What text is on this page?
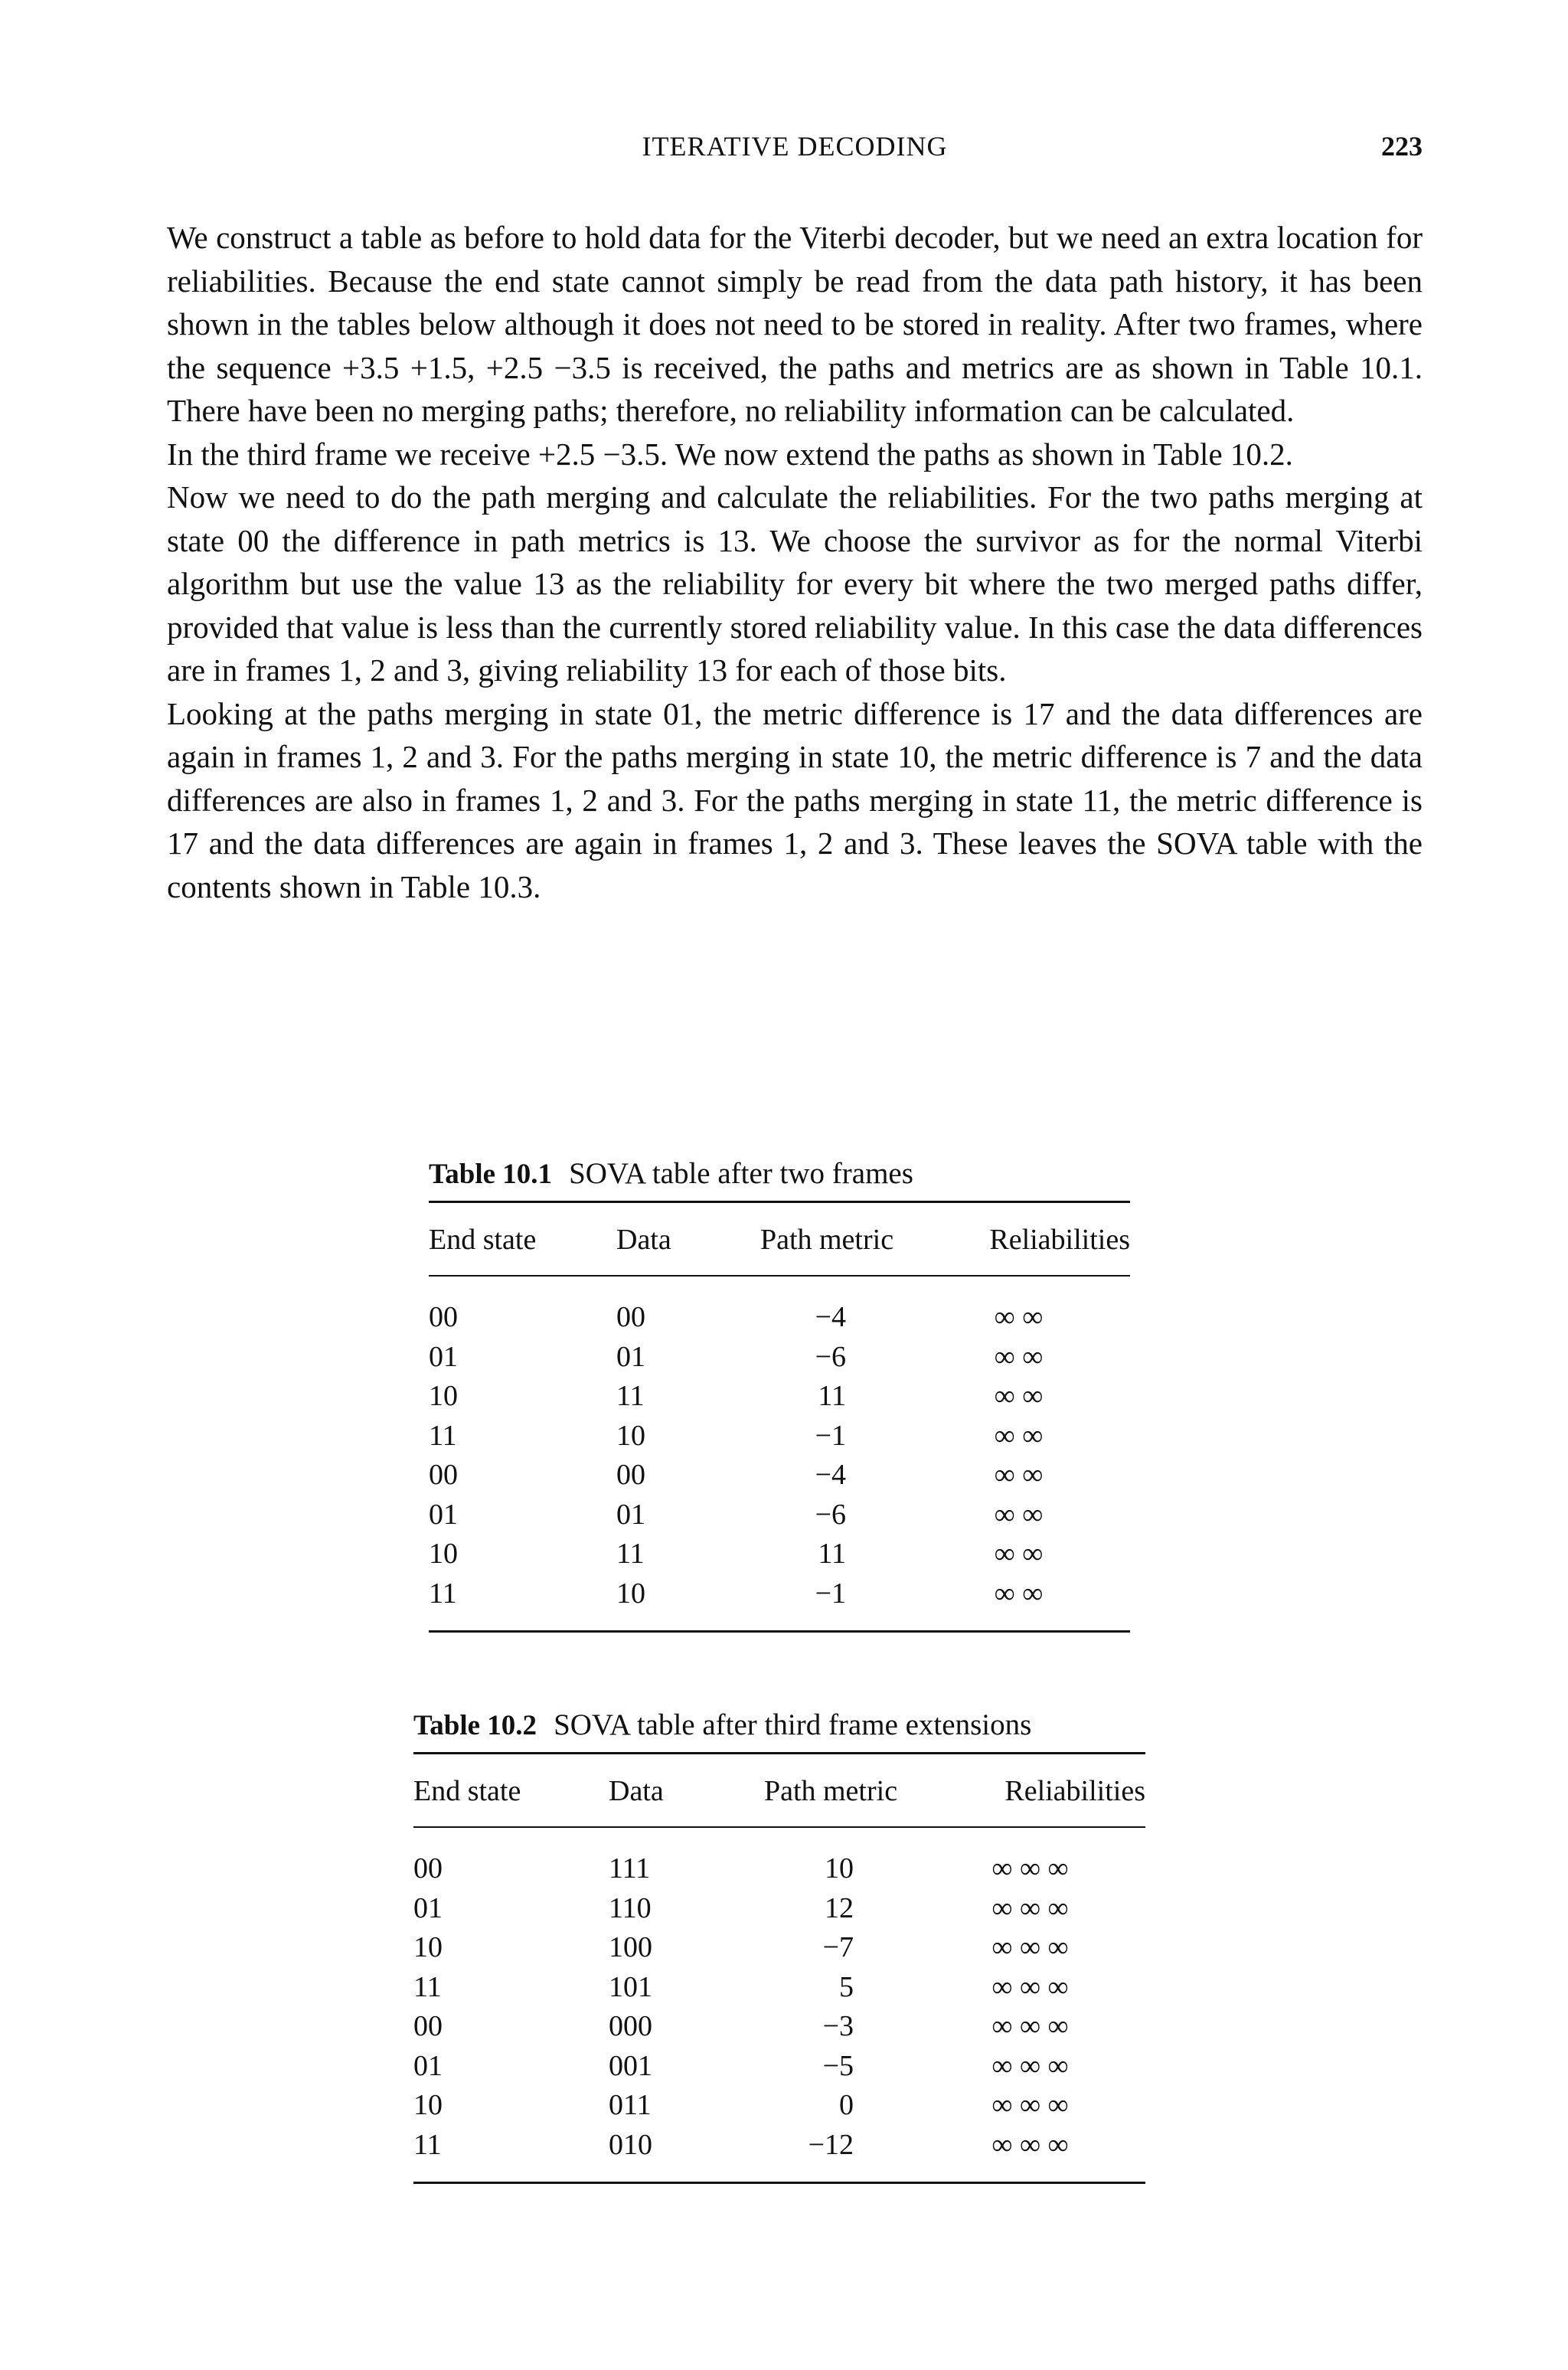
ITERATIVE DECODING	223

We construct a table as before to hold data for the Viterbi decoder, but we need an extra location for reliabilities. Because the end state cannot simply be read from the data path history, it has been shown in the tables below although it does not need to be stored in reality. After two frames, where the sequence +3.5 +1.5, +2.5 −3.5 is received, the paths and metrics are as shown in Table 10.1. There have been no merging paths; therefore, no reliability information can be calculated.

In the third frame we receive +2.5 −3.5. We now extend the paths as shown in Table 10.2.

Now we need to do the path merging and calculate the reliabilities. For the two paths merging at state 00 the difference in path metrics is 13. We choose the survivor as for the normal Viterbi algorithm but use the value 13 as the reliability for every bit where the two merged paths differ, provided that value is less than the currently stored reliability value. In this case the data differences are in frames 1, 2 and 3, giving reliability 13 for each of those bits.

Looking at the paths merging in state 01, the metric difference is 17 and the data differences are again in frames 1, 2 and 3. For the paths merging in state 10, the metric difference is 7 and the data differences are also in frames 1, 2 and 3. For the paths merging in state 11, the metric difference is 17 and the data differences are again in frames 1, 2 and 3. These leaves the SOVA table with the contents shown in Table 10.3.

Table 10.1 SOVA table after two frames
End state	Data	Path metric	Reliabilities
00	00	−4	∞ ∞
01	01	−6	∞ ∞
10	11	11	∞ ∞
11	10	−1	∞ ∞
00	00	−4	∞ ∞
01	01	−6	∞ ∞
10	11	11	∞ ∞
11	10	−1	∞ ∞
Table 10.2 SOVA table after third frame extensions
End state	Data	Path metric	Reliabilities
00	111	10	∞ ∞ ∞
01	110	12	∞ ∞ ∞
10	100	−7	∞ ∞ ∞
11	101	5	∞ ∞ ∞
00	000	−3	∞ ∞ ∞
01	001	−5	∞ ∞ ∞
10	011	0	∞ ∞ ∞
11	010	−12	∞ ∞ ∞
